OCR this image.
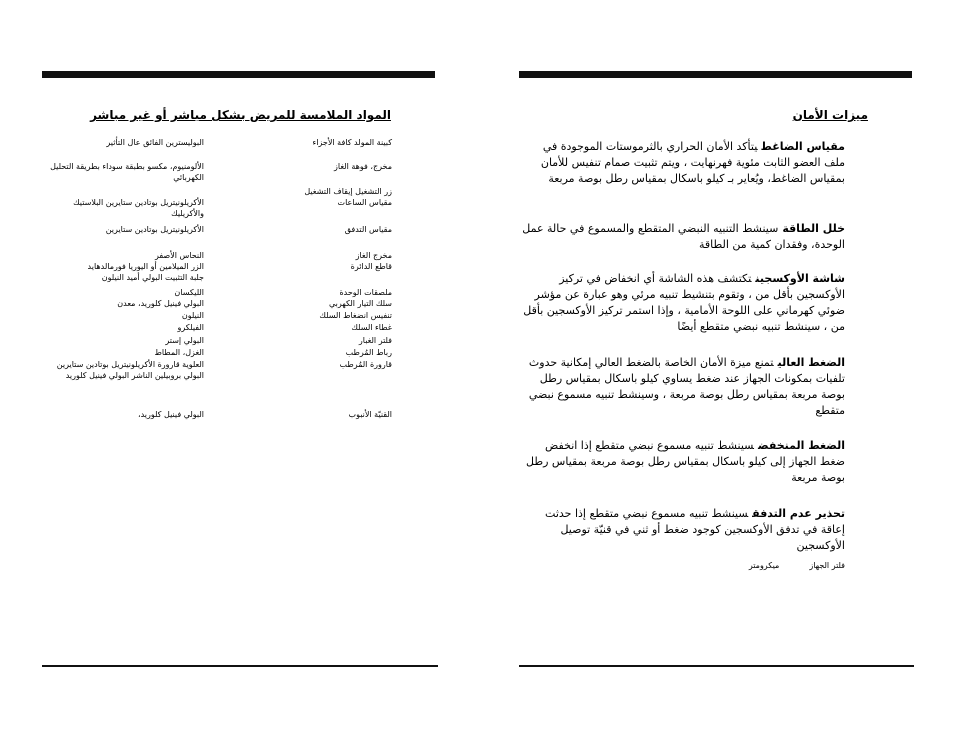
المواد الملامسة للمريض بشكل مباشر أو غير مباشر
كبينة المولد كافة الأجزاء
البوليسترين الفائق عال التأثير
مخرج، فوهة الغاز
الألومنيوم، مكسو بطبقة سوداء بطريقة التحليل الكهربائي
زر التشغيل إيقاف التشغيل
مقياس الساعات
الأكريلونيتريل بوتادين ستايرين البلاستيك والأكريليك
مقياس التدفق
الأكريلونيتريل بوتادين ستايرين
مخرج الغاز
النحاس الأصفر
قاطع الدائرة
الزر الميلامين أو اليوريا فورمالدهايد
جلبة التثبيت البولي أميد النيلون
ملصقات الوحدة
الليكسان
سلك التيار الكهربي
البولي فينيل كلوريد، معدن
تنفيس انضغاط السلك
النيلون
غطاء السلك
الفيلكرو
فلتر الغبار
البولي إستر
رباط المُرطب
الغزل، المطاط
قارورة المُرطب
العلوية قارورة الأكريلونيتريل بوتادين ستايرين البولي بروبيلين الناشر البولي فينيل كلوريد
القنيّة الأنبوب
البولي فينيل كلوريد،
ميزات الأمان

مقياس الضاغطيتأكد الأمان الحراري بالثرموستات الموجودة في ملف العضو الثابت مئوية فهرنهايت ، ويتم تثبيت صمام تنفيس للأمان بمقياس الضاغط، ويُعاير بـ كيلو باسكال بمقياس رطل بوصة مربعة

خلل الطاقةسينشط التنبيه النبضي المتقطع والمسموع في حالة عمل الوحدة، وفقدان كمية من الطاقة

شاشة الأوكسجينتكتشف هذه الشاشة أي انخفاض في تركيز الأوكسجين بأقل من ، وتقوم بتنشيط تنبيه مرئي وهو عبارة عن مؤشر ضوئي كهرماني على اللوحة الأمامية ، وإذا استمر تركيز الأوكسجين بأقل من ، سينشط تنبيه نبضي متقطع أيضًا

الضغط العاليتمنع ميزة الأمان الخاصة بالضغط العالي إمكانية حدوث تلفيات بمكونات الجهاز عند ضغط يساوي كيلو باسكال بمقياس رطل بوصة مربعة بمقياس رطل بوصة مربعة ، وسينشط تنبيه مسموع نبضي متقطع

الضغط المنخفضسينشط تنبيه مسموع نبضي متقطع إذا انخفض ضغط الجهاز إلى كيلو باسكال بمقياس رطل بوصة مربعة بمقياس رطل بوصة مربعة

تحذير عدم التدفقسينشط تنبيه مسموع نبضي متقطع إذا حدثت إعاقة في تدفق الأوكسجين كوجود ضغط أو ثني في قنيّة توصيل الأوكسجين

فلتر الجهازميكرومتر
